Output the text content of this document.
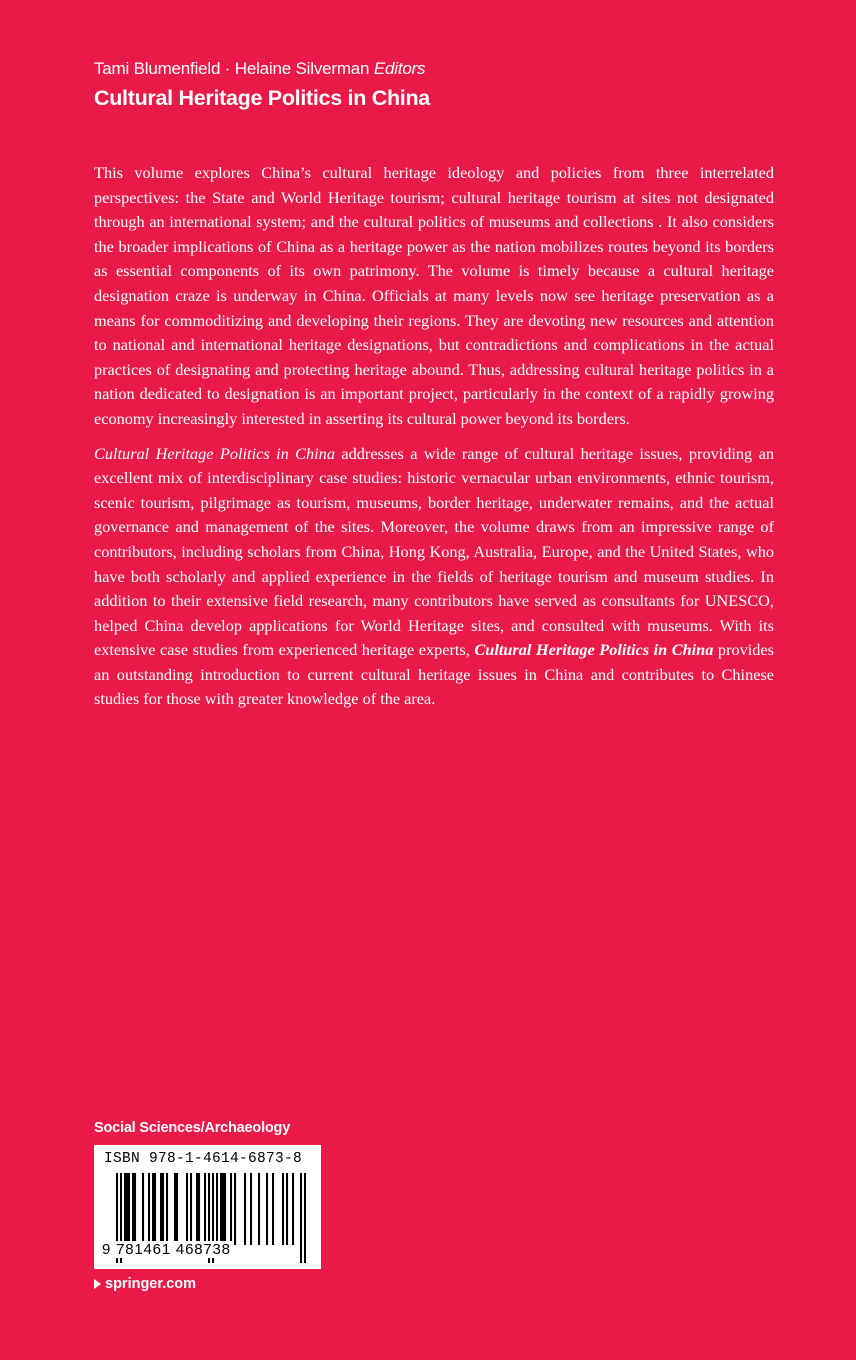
Tami Blumenfield · Helaine Silverman Editors
Cultural Heritage Politics in China

This volume explores China’s cultural heritage ideology and policies from three interrelated perspectives: the State and World Heritage tourism; cultural heritage tourism at sites not designated through an international system; and the cultural politics of museums and collections . It also considers the broader implications of China as a heritage power as the nation mobilizes routes beyond its borders as essential components of its own patrimony. The volume is timely because a cultural heritage designation craze is underway in China. Officials at many levels now see heritage preservation as a means for commoditizing and developing their regions. They are devoting new resources and attention to national and international heritage designations, but contradictions and complications in the actual practices of designating and protecting heritage abound. Thus, addressing cultural heritage politics in a nation dedicated to designation is an important project, particularly in the context of a rapidly growing economy increasingly interested in asserting its cultural power beyond its borders.

Cultural Heritage Politics in China addresses a wide range of cultural heritage issues, providing an excellent mix of interdisciplinary case studies: historic vernacular urban environments, ethnic tourism, scenic tourism, pilgrimage as tourism, museums, border heritage, underwater remains, and the actual governance and management of the sites. Moreover, the volume draws from an impressive range of contributors, including scholars from China, Hong Kong, Australia, Europe, and the United States, who have both scholarly and applied experience in the fields of heritage tourism and museum studies. In addition to their extensive field research, many contributors have served as consultants for UNESCO, helped China develop applications for World Heritage sites, and consulted with museums. With its extensive case studies from experienced heritage experts, Cultural Heritage Politics in China provides an outstanding introduction to current cultural heritage issues in China and contributes to Chinese studies for those with greater knowledge of the area.

Social Sciences/Archaeology
ISBN 978-1-4614-6873-8
9 781461 468738
springer.com
